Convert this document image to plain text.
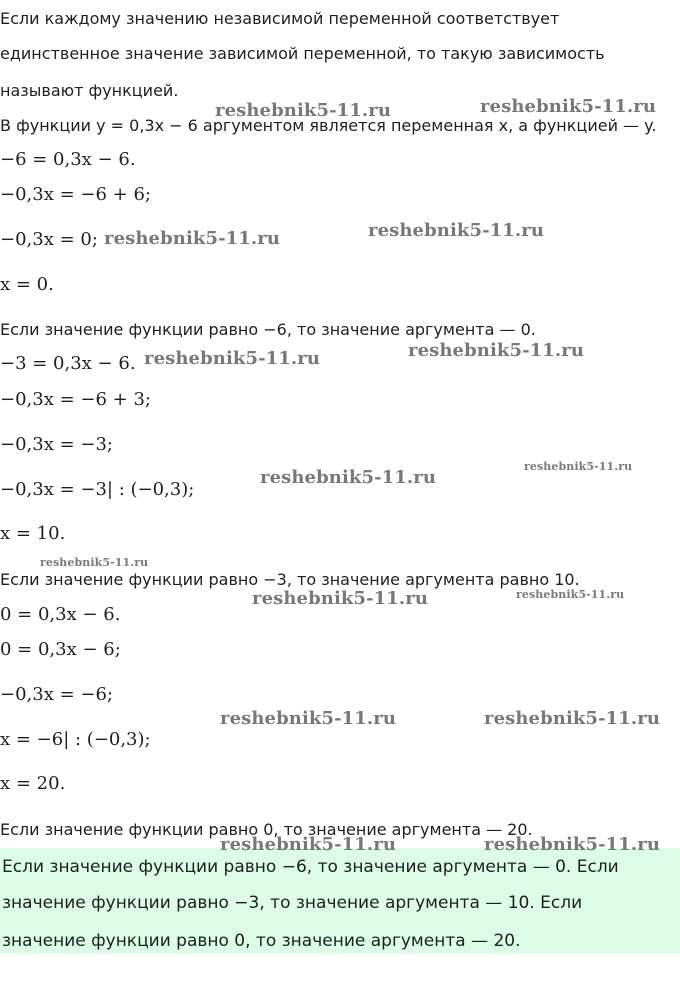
Если каждому значению независимой переменной соответствует
единственное значение зависимой переменной, то такую зависимость
называют функцией.
В функции y = 0,3x − 6 аргументом является переменная x, а функцией — y.
−6 = 0,3x − 6.
−0,3x = −6 + 6;
−0,3x = 0;
x = 0.
Если значение функции равно −6, то значение аргумента — 0.
−3 = 0,3x − 6.
−0,3x = −6 + 3;
−0,3x = −3;
−0,3x = −3| : (−0,3);
x = 10.
Если значение функции равно −3, то значение аргумента равно 10.
0 = 0,3x − 6.
0 = 0,3x − 6;
−0,3x = −6;
x = −6| : (−0,3);
x = 20.
Если значение функции равно 0, то значение аргумента — 20.
Если значение функции равно −6, то значение аргумента — 0. Если
значение функции равно −3, то значение аргумента — 10. Если
значение функции равно 0, то значение аргумента — 20.
reshebnik5-11.ru	reshebnik5-11.ru
reshebnik5-11.ru	reshebnik5-11.ru
reshebnik5-11.ru	reshebnik5-11.ru
reshebnik5-11.ru
reshebnik5-11.ru
reshebnik5-11.ru
reshebnik5-11.ru	reshebnik5-11.ru
reshebnik5-11.ru	reshebnik5-11.ru
reshebnik5-11.ru	reshebnik5-11.ru
